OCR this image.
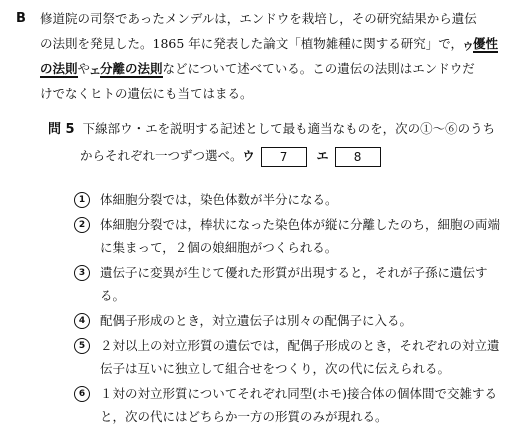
B 修道院の司祭であったメンデルは，エンドウを栽培し，その研究結果から遺伝
の法則を発見した。1865 年に発表した論文「植物雑種に関する研究」で，ウ優性
の法則やエ分離の法則などについて述べている。この遺伝の法則はエンドウだ
けでなくヒトの遺伝にも当てはまる。
問 5 下線部ウ・エを説明する記述として最も適当なものを，次の①〜⑥のうち
からそれぞれ一つずつ選べ。ウ 7 エ 8
1	体細胞分裂では，染色体数が半分になる。
2	体細胞分裂では，棒状になった染色体が縦に分離したのち，細胞の両端に集まって，２個の娘細胞がつくられる。
3	遺伝子に変異が生じて優れた形質が出現すると，それが子孫に遺伝する。
4	配偶子形成のとき，対立遺伝子は別々の配偶子に入る。
5	２対以上の対立形質の遺伝では，配偶子形成のとき，それぞれの対立遺伝子は互いに独立して組合せをつくり，次の代に伝えられる。
6	１対の対立形質についてそれぞれ同型(ホモ)接合体の個体間で交雑すると，次の代にはどちらか一方の形質のみが現れる。
